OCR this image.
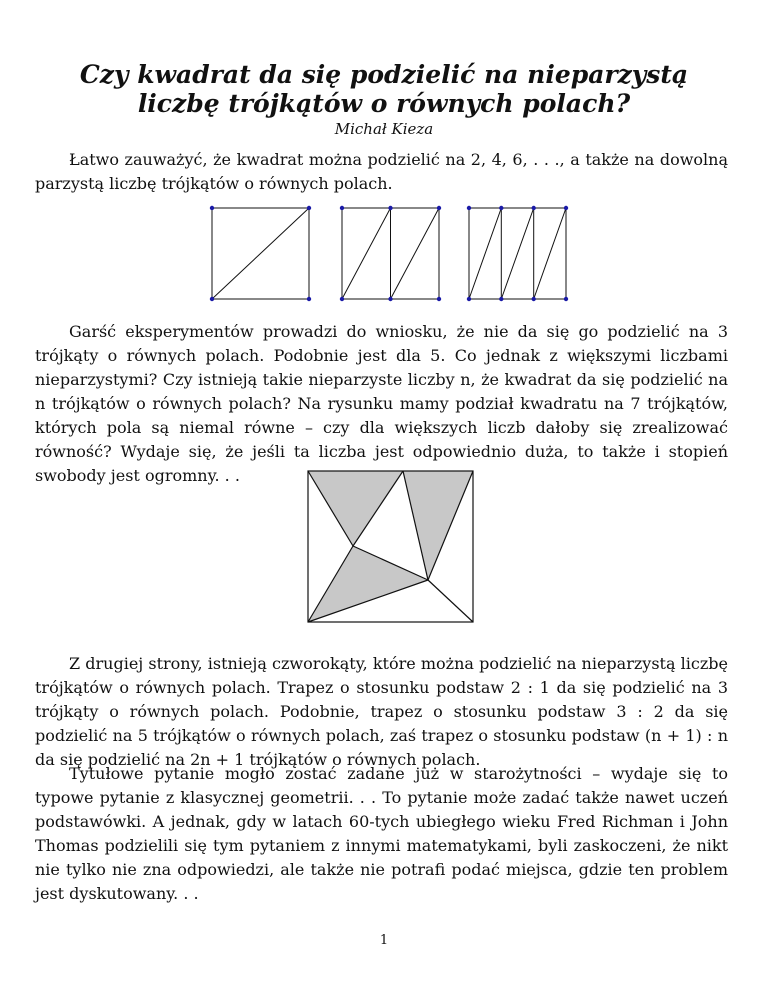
Czy kwadrat da się podzielić na nieparzystą liczbę trójkątów o równych polach?
Michał Kieza

Łatwo zauważyć, że kwadrat można podzielić na 2, 4, 6, . . ., a także na dowolną parzystą liczbę trójkątów o równych polach.

Garść eksperymentów prowadzi do wniosku, że nie da się go podzielić na 3 trójkąty o równych polach. Podobnie jest dla 5. Co jednak z większymi liczbami nieparzystymi? Czy istnieją takie nieparzyste liczby n, że kwadrat da się podzielić na n trójkątów o równych polach? Na rysunku mamy podział kwadratu na 7 trójkątów, których pola są niemal równe – czy dla większych liczb dałoby się zrealizować równość? Wydaje się, że jeśli ta liczba jest odpowiednio duża, to także i stopień swobody jest ogromny. . .

Z drugiej strony, istnieją czworokąty, które można podzielić na nieparzystą liczbę trójkątów o równych polach. Trapez o stosunku podstaw 2 : 1 da się podzielić na 3 trójkąty o równych polach. Podobnie, trapez o stosunku podstaw 3 : 2 da się podzielić na 5 trójkątów o równych polach, zaś trapez o stosunku podstaw (n + 1) : n da się podzielić na 2n + 1 trójkątów o równych polach.

Tytułowe pytanie mogło zostać zadane już w starożytności – wydaje się to typowe pytanie z klasycznej geometrii. . . To pytanie może zadać także nawet uczeń podstawówki. A jednak, gdy w latach 60-tych ubiegłego wieku Fred Richman i John Thomas podzielili się tym pytaniem z innymi matematykami, byli zaskoczeni, że nikt nie tylko nie zna odpowiedzi, ale także nie potrafi podać miejsca, gdzie ten problem jest dyskutowany. . .

1
